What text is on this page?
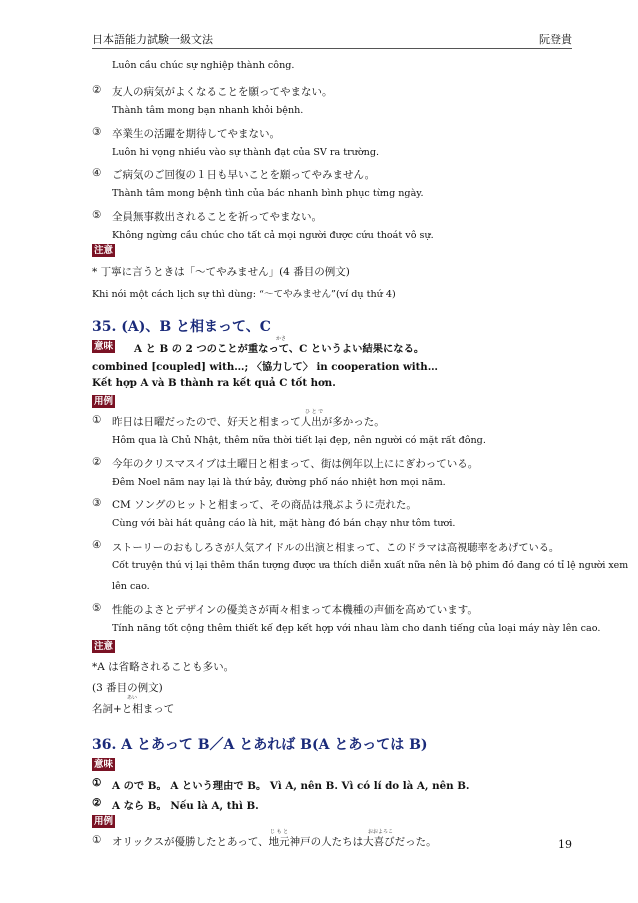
日本語能力試験一級文法	阮登貴
Luôn cầu chúc sự nghiệp thành công.
② 友人の病気がよくなることを願ってやまない。
Thành tâm mong bạn nhanh khỏi bệnh.
③ 卒業生の活躍を期待してやまない。
Luôn hi vọng nhiều vào sự thành đạt của SV ra trường.
④ ご病気のご回復の１日も早いことを願ってやみません。
Thành tâm mong bệnh tình của bác nhanh bình phục từng ngày.
⑤ 全員無事救出されることを祈ってやまない。
Không ngừng cầu chúc cho tất cả mọi người được cứu thoát vô sự.
注意
* 丁寧に言うときは「～てやみません」(4 番目の例文)
Khi nói một cách lịch sự thì dùng: “～てやみません”(ví dụ thứ 4)
35. (A)、B と相まって、C
かさ
意味 A と B の 2 つのことが重なって、C というよい結果になる。
combined [coupled] with…; 〈協力して〉 in cooperation with…
Kết hợp A và B thành ra kết quả C tốt hơn.
用例
ひ と で
① 昨日は日曜だったので、好天と相まって人出が多かった。
Hôm qua là Chủ Nhật, thêm nữa thời tiết lại đẹp, nên người có mặt rất đông.
② 今年のクリスマスイブは土曜日と相まって、街は例年以上ににぎわっている。
Đêm Noel năm nay lại là thứ bảy, đường phố náo nhiệt hơn mọi năm.
③ CM ソングのヒットと相まって、その商品は飛ぶように売れた。
Cùng với bài hát quảng cáo là hit, mặt hàng đó bán chạy như tôm tươi.
④ ストーリーのおもしろさが人気アイドルの出演と相まって、このドラマは高視聴率をあげている。
Cốt truyện thú vị lại thêm thần tượng được ưa thích diễn xuất nữa nên là bộ phim đó đang có tỉ lệ người xem
lên cao.
⑤ 性能のよさとデザインの優美さが両々相まって本機種の声価を高めています。
Tính năng tốt cộng thêm thiết kế đẹp kết hợp với nhau làm cho danh tiếng của loại máy này lên cao.
注意
*A は省略されることも多い。
(3 番目の例文)
あい
名詞+と相まって
36. A とあって B／A とあれば B(A とあっては B)
意味
① A ので B。 A という理由で B。 Vì A, nên B. Vì có lí do là A, nên B.
② A なら B。 Nếu là A, thì B.
用例
じ も と	おおよろこ
① オリックスが優勝したとあって、地元神戸の人たちは大喜びだった。	19
